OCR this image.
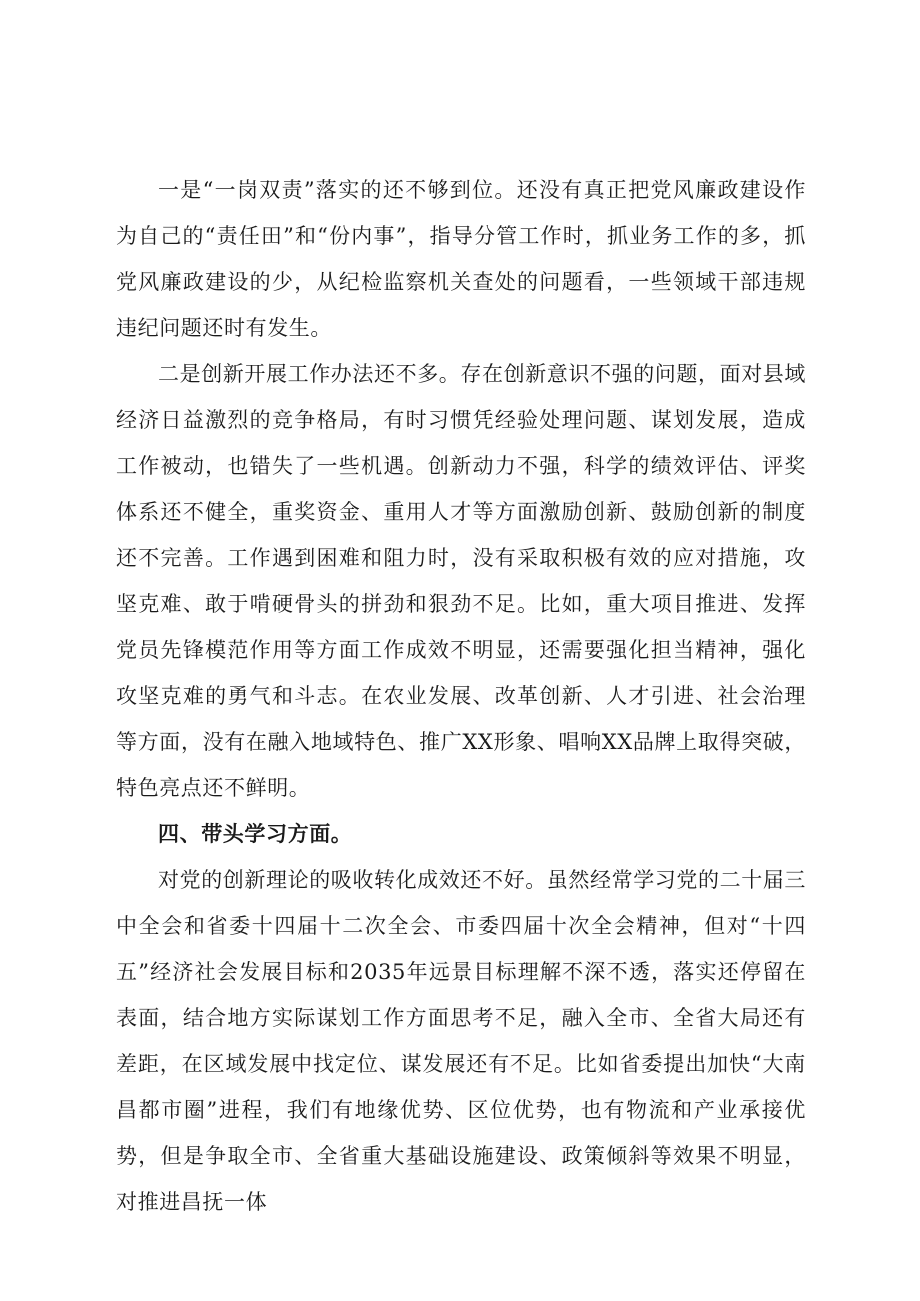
一是“一岗双责”落实的还不够到位。还没有真正把党风廉政建设作为自己的“责任田”和“份内事”，指导分管工作时，抓业务工作的多，抓党风廉政建设的少，从纪检监察机关查处的问题看，一些领域干部违规违纪问题还时有发生。

二是创新开展工作办法还不多。存在创新意识不强的问题，面对县域经济日益激烈的竞争格局，有时习惯凭经验处理问题、谋划发展，造成工作被动，也错失了一些机遇。创新动力不强，科学的绩效评估、评奖体系还不健全，重奖资金、重用人才等方面激励创新、鼓励创新的制度还不完善。工作遇到困难和阻力时，没有采取积极有效的应对措施，攻坚克难、敢于啃硬骨头的拼劲和狠劲不足。比如，重大项目推进、发挥党员先锋模范作用等方面工作成效不明显，还需要强化担当精神，强化攻坚克难的勇气和斗志。在农业发展、改革创新、人才引进、社会治理等方面，没有在融入地域特色、推广XX形象、唱响XX品牌上取得突破，特色亮点还不鲜明。

四、带头学习方面。

对党的创新理论的吸收转化成效还不好。虽然经常学习党的二十届三中全会和省委十四届十二次全会、市委四届十次全会精神，但对“十四五”经济社会发展目标和2035年远景目标理解不深不透，落实还停留在表面，结合地方实际谋划工作方面思考不足，融入全市、全省大局还有差距，在区域发展中找定位、谋发展还有不足。比如省委提出加快“大南昌都市圈”进程，我们有地缘优势、区位优势，也有物流和产业承接优势，但是争取全市、全省重大基础设施建设、政策倾斜等效果不明显，对推进昌抚一体
